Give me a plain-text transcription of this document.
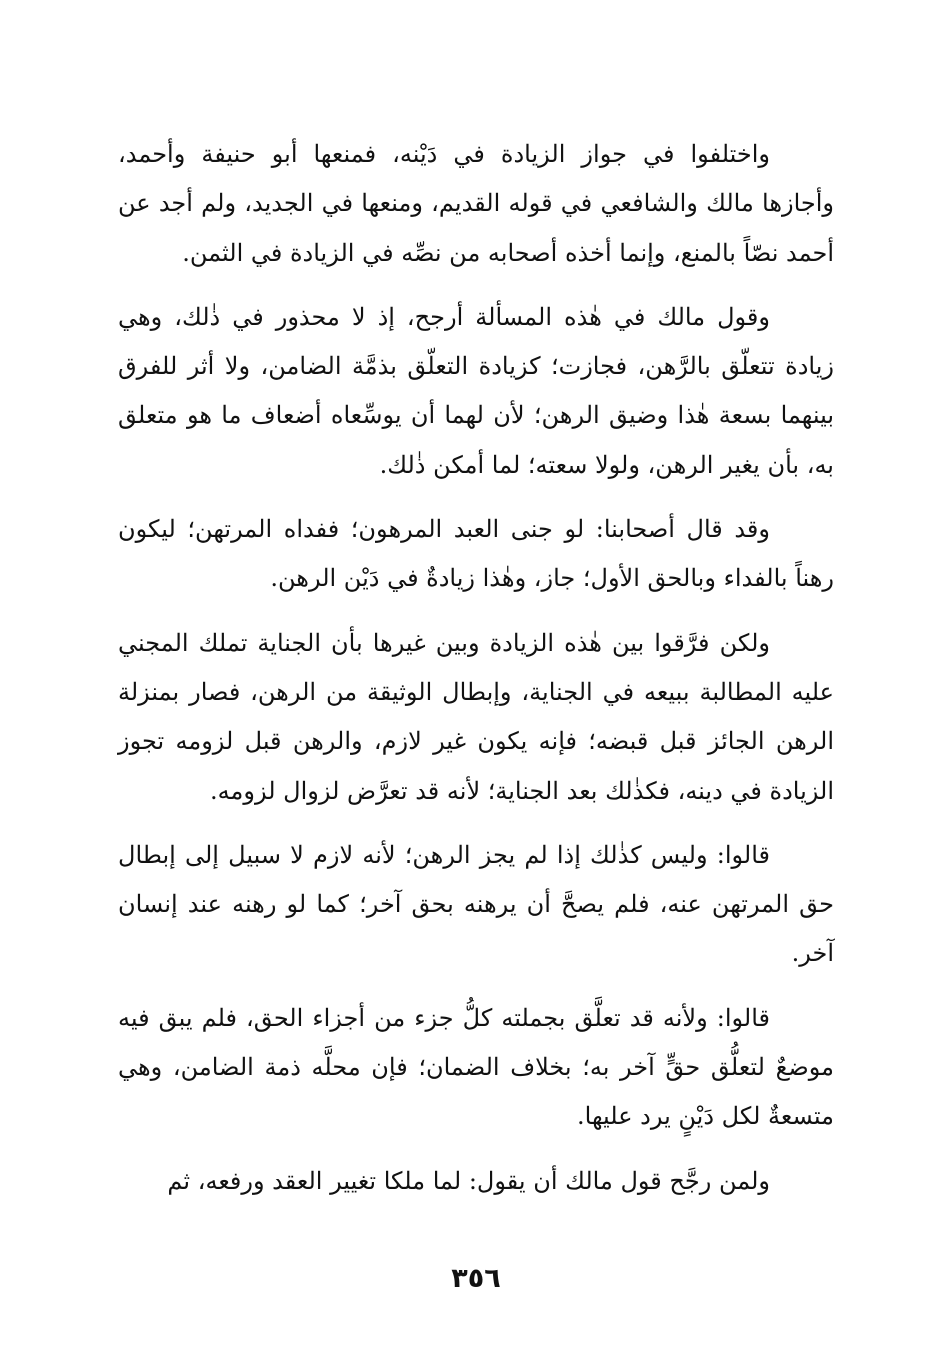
واختلفوا في جواز الزيادة في دَيْنه، فمنعها أبو حنيفة وأحمد، وأجازها مالك والشافعي في قوله القديم، ومنعها في الجديد، ولم أجد عن أحمد نصّاً بالمنع، وإنما أخذه أصحابه من نصِّه في الزيادة في الثمن.

وقول مالك في هٰذه المسألة أرجح، إذ لا محذور في ذٰلك، وهي زيادة تتعلّق بالرَّهن، فجازت؛ كزيادة التعلّق بذمَّة الضامن، ولا أثر للفرق بينهما بسعة هٰذا وضيق الرهن؛ لأن لهما أن يوسِّعاه أضعاف ما هو متعلق به، بأن يغير الرهن، ولولا سعته؛ لما أمكن ذٰلك.

وقد قال أصحابنا: لو جنى العبد المرهون؛ ففداه المرتهن؛ ليكون رهناً بالفداء وبالحق الأول؛ جاز، وهٰذا زيادةٌ في دَيْن الرهن.

ولكن فرَّقوا بين هٰذه الزيادة وبين غيرها بأن الجناية تملك المجني عليه المطالبة ببيعه في الجناية، وإبطال الوثيقة من الرهن، فصار بمنزلة الرهن الجائز قبل قبضه؛ فإنه يكون غير لازم، والرهن قبل لزومه تجوز الزيادة في دينه، فكذٰلك بعد الجناية؛ لأنه قد تعرَّض لزوال لزومه.

قالوا: وليس كذٰلك إذا لم يجز الرهن؛ لأنه لازم لا سبيل إلى إبطال حق المرتهن عنه، فلم يصحَّ أن يرهنه بحق آخر؛ كما لو رهنه عند إنسان آخر.

قالوا: ولأنه قد تعلَّق بجملته كلُّ جزء من أجزاء الحق، فلم يبق فيه موضعٌ لتعلُّق حقٍّ آخر به؛ بخلاف الضمان؛ فإن محلَّه ذمة الضامن، وهي متسعةٌ لكل دَيْنٍ يرد عليها.

ولمن رجَّح قول مالك أن يقول: لما ملكا تغيير العقد ورفعه، ثم

٣٥٦
